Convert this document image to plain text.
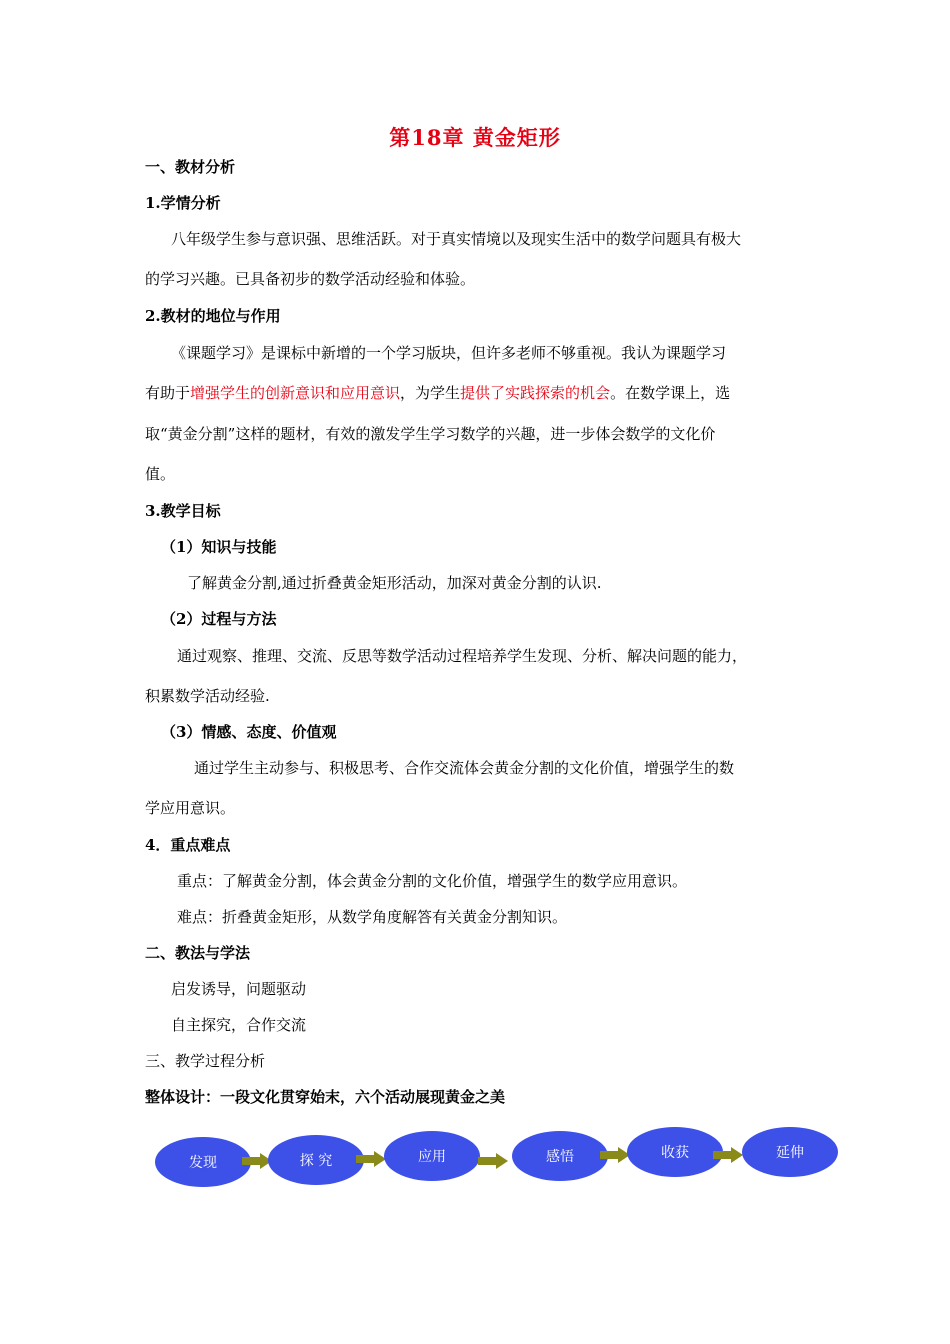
第18章 黄金矩形
一、教材分析
1.学情分析
八年级学生参与意识强、思维活跃。对于真实情境以及现实生活中的数学问题具有极大
的学习兴趣。已具备初步的数学活动经验和体验。
2.教材的地位与作用
《课题学习》是课标中新增的一个学习版块，但许多老师不够重视。我认为课题学习
有助于增强学生的创新意识和应用意识，为学生提供了实践探索的机会。在数学课上，选
取“黄金分割”这样的题材，有效的激发学生学习数学的兴趣，进一步体会数学的文化价
值。
3.教学目标
（1）知识与技能
了解黄金分割,通过折叠黄金矩形活动，加深对黄金分割的认识.
（2）过程与方法
通过观察、推理、交流、反思等数学活动过程培养学生发现、分析、解决问题的能力，
积累数学活动经验.
（3）情感、态度、价值观
通过学生主动参与、积极思考、合作交流体会黄金分割的文化价值，增强学生的数
学应用意识。
4．重点难点
重点：了解黄金分割，体会黄金分割的文化价值，增强学生的数学应用意识。
难点：折叠黄金矩形，从数学角度解答有关黄金分割知识。
二、教法与学法
启发诱导，问题驱动
自主探究，合作交流
三、教学过程分析
整体设计：一段文化贯穿始末，六个活动展现黄金之美
发现	探 究	应用	感悟	收获	延伸
